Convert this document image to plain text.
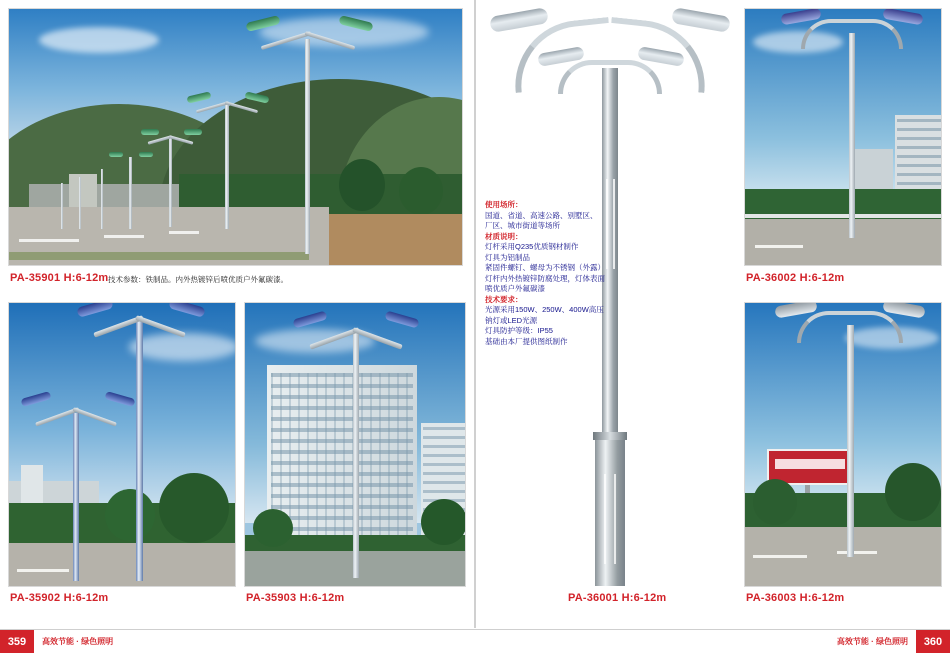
PA-35901 H:6-12m 技术参数：铁制品。内外热镀锌后喷优质户外氟碳漆。
PA-35902 H:6-12m	PA-35903 H:6-12m	PA-36001 H:6-12m
使用场所：
国道、省道、高速公路、别墅区、
厂区、城市街道等场所
材质说明：
灯杆采用Q235优质钢材制作
灯具为铝制品
紧固件螺钉、螺母为不锈钢（外露）
灯杆内外热镀锌防腐处理，灯体表面
喷优质户外氟碳漆
技术要求：
光源采用150W、250W、400W高压
钠灯或LED光源
灯具防护等级：IP55
基础由本厂提供图纸制作
PA-36002 H:6-12m
PA-36003 H:6-12m
359	高效节能 · 绿色照明	360
高效节能 · 绿色照明
